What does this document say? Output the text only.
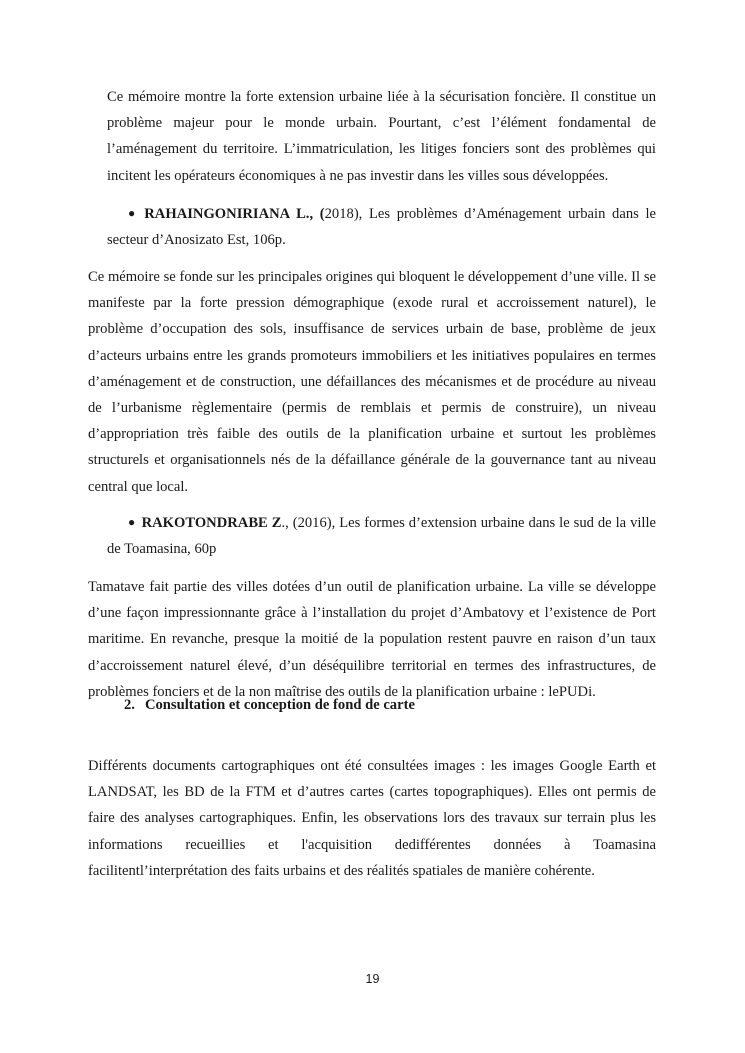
Ce mémoire montre la forte extension urbaine liée à la sécurisation foncière. Il constitue un problème majeur pour le monde urbain. Pourtant, c’est l’élément fondamental de l’aménagement du territoire. L’immatriculation, les litiges fonciers sont des problèmes qui incitent les opérateurs économiques à ne pas investir dans les villes sous développées.

● RAHAINGONIRIANA L., (2018), Les problèmes d’Aménagement urbain dans le secteur d’Anosizato Est, 106p.

Ce mémoire se fonde sur les principales origines qui bloquent le développement d’une ville. Il se manifeste par la forte pression démographique (exode rural et accroissement naturel), le problème d’occupation des sols, insuffisance de services urbain de base, problème de jeux d’acteurs urbains entre les grands promoteurs immobiliers et les initiatives populaires en termes d’aménagement et de construction, une défaillances des mécanismes et de procédure au niveau de l’urbanisme règlementaire (permis de remblais et permis de construire), un niveau d’appropriation très faible des outils de la planification urbaine et surtout les problèmes structurels et organisationnels nés de la défaillance générale de la gouvernance tant au niveau central que local.

● RAKOTONDRABE Z., (2016), Les formes d’extension urbaine dans le sud de la ville de Toamasina, 60p

Tamatave fait partie des villes dotées d’un outil de planification urbaine. La ville se développe d’une façon impressionnante grâce à l’installation du projet d’Ambatovy et l’existence de Port maritime. En revanche, presque la moitié de la population restent pauvre en raison d’un taux d’accroissement naturel élevé, d’un déséquilibre territorial en termes des infrastructures, de problèmes fonciers et de la non maîtrise des outils de la planification urbaine : lePUDi.

2. Consultation et conception de fond de carte

Différents documents cartographiques ont été consultées images : les images Google Earth et LANDSAT, les BD de la FTM et d’autres cartes (cartes topographiques). Elles ont permis de faire des analyses cartographiques. Enfin, les observations lors des travaux sur terrain plus les informations recueillies et l'acquisition dedifférentes données à Toamasina facilitentl’interprétation des faits urbains et des réalités spatiales de manière cohérente.

19
